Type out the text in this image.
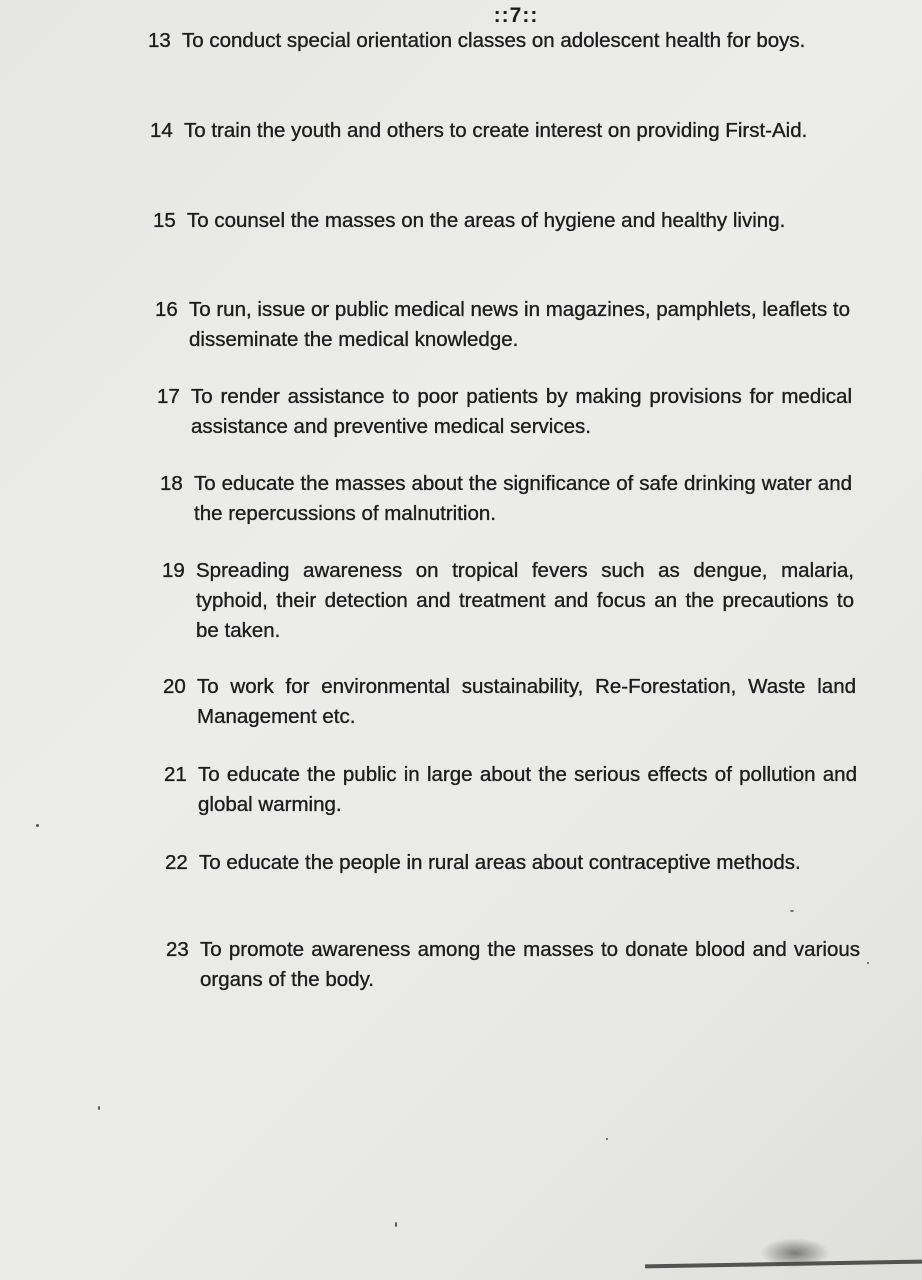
::7::
13 To conduct special orientation classes on adolescent health for boys.
14 To train the youth and others to create interest on providing First-Aid.
15 To counsel the masses on the areas of hygiene and healthy living.
16 To run, issue or public medical news in magazines, pamphlets, leaflets to disseminate the medical knowledge.
17 To render assistance to poor patients by making provisions for medical assistance and preventive medical services.
18 To educate the masses about the significance of safe drinking water and the repercussions of malnutrition.
19 Spreading awareness on tropical fevers such as dengue, malaria, typhoid, their detection and treatment and focus an the precautions to be taken.
20 To work for environmental sustainability, Re-Forestation, Waste land Management etc.
21 To educate the public in large about the serious effects of pollution and global warming.
22 To educate the people in rural areas about contraceptive methods.
23 To promote awareness among the masses to donate blood and various organs of the body.
